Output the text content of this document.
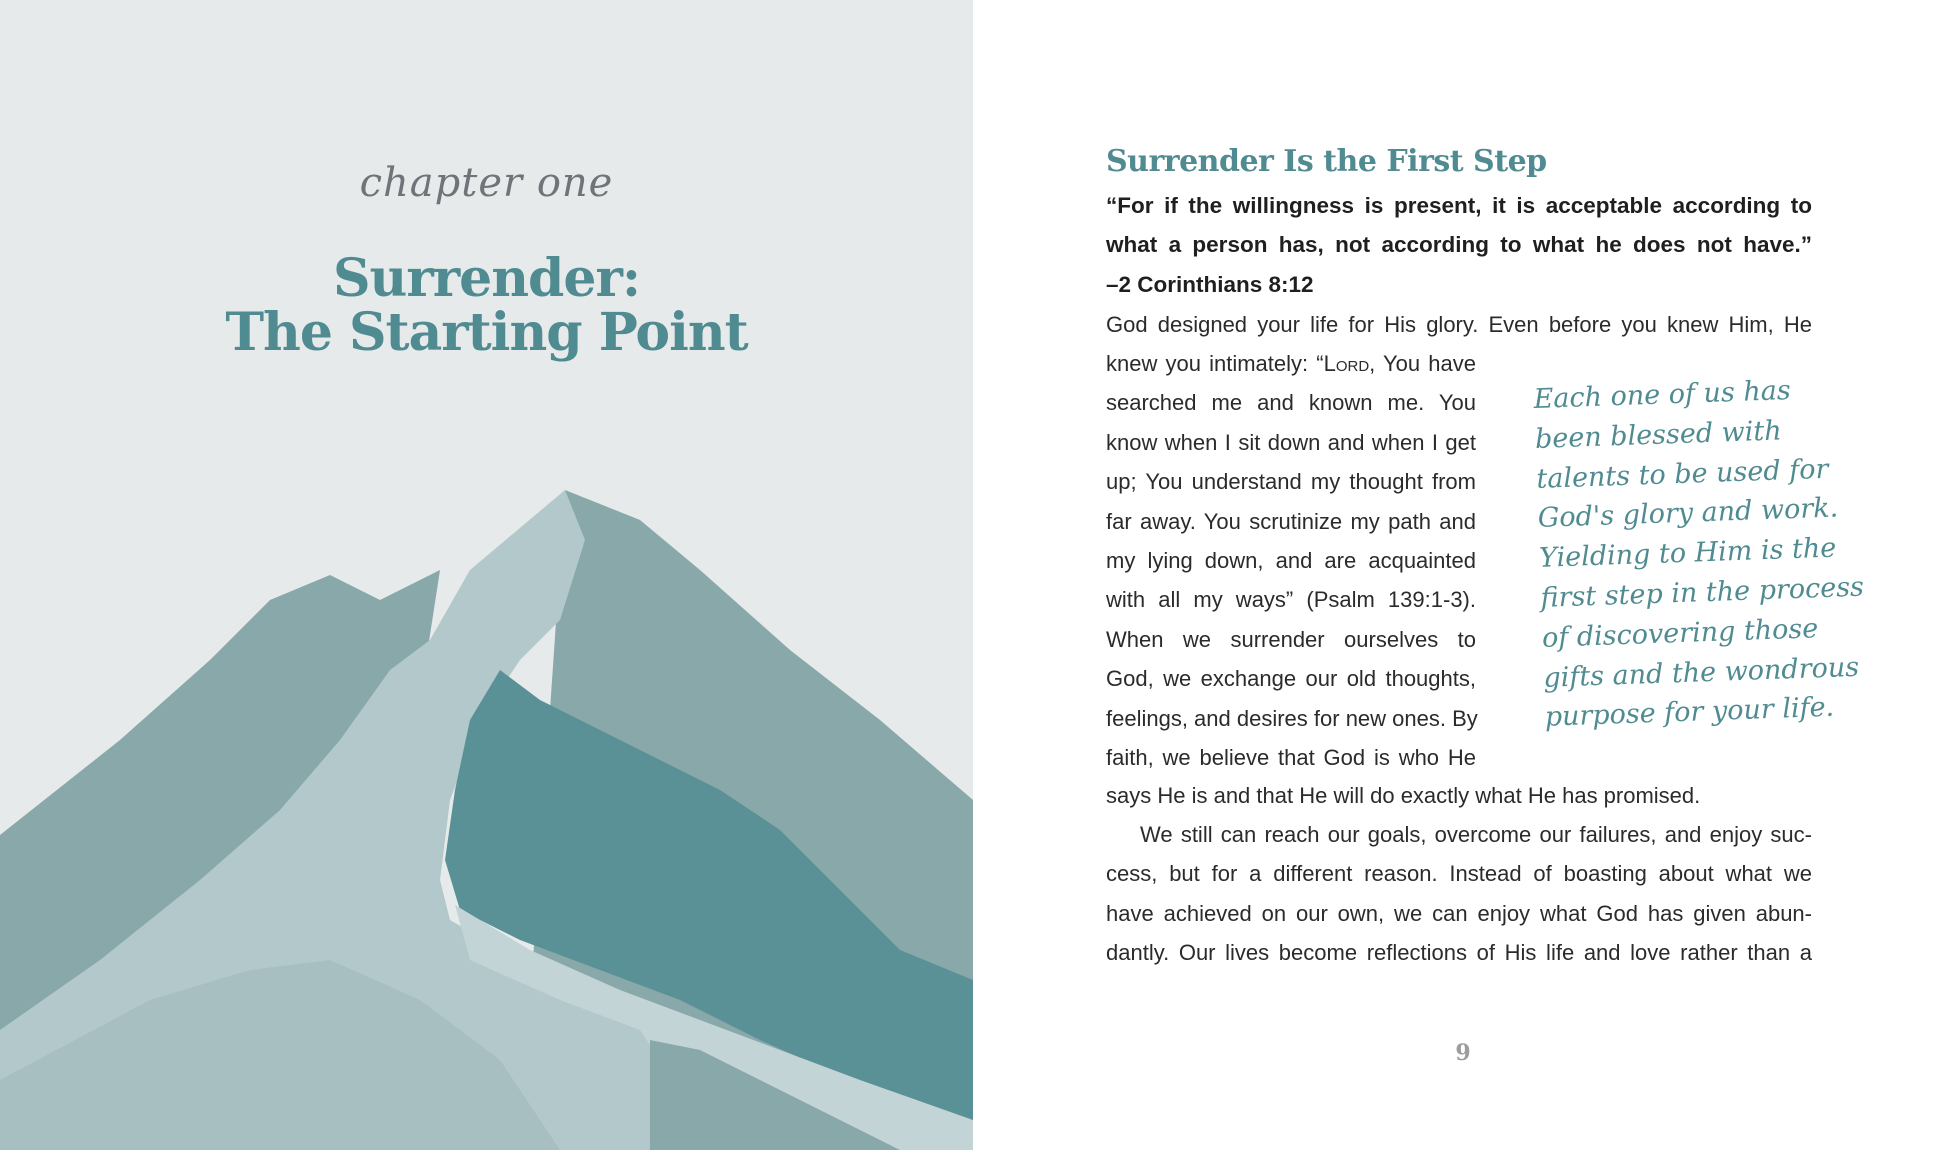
chapter one
Surrender:
The Starting Point
Surrender Is the First Step
“For if the willingness is present, it is acceptable according to
what a person has, not according to what he does not have.”
–2 Corinthians 8:12
God designed your life for His glory. Even before you knew Him, He
knew you intimately: “Lord, You have
searched me and known me. You
know when I sit down and when I get
up; You understand my thought from
far away. You scrutinize my path and
my lying down, and are acquainted
with all my ways” (Psalm 139:1-3).
When we surrender ourselves to
God, we exchange our old thoughts,
feelings, and desires for new ones. By
faith, we believe that God is who He
says He is and that He will do exactly what He has promised.
We still can reach our goals, overcome our failures, and enjoy suc-
cess, but for a different reason. Instead of boasting about what we
have achieved on our own, we can enjoy what God has given abun-
dantly. Our lives become reflections of His life and love rather than a
Each one of us has
been blessed with
talents to be used for
God's glory and work.
Yielding to Him is the
first step in the process
of discovering those
gifts and the wondrous
purpose for your life.
9
